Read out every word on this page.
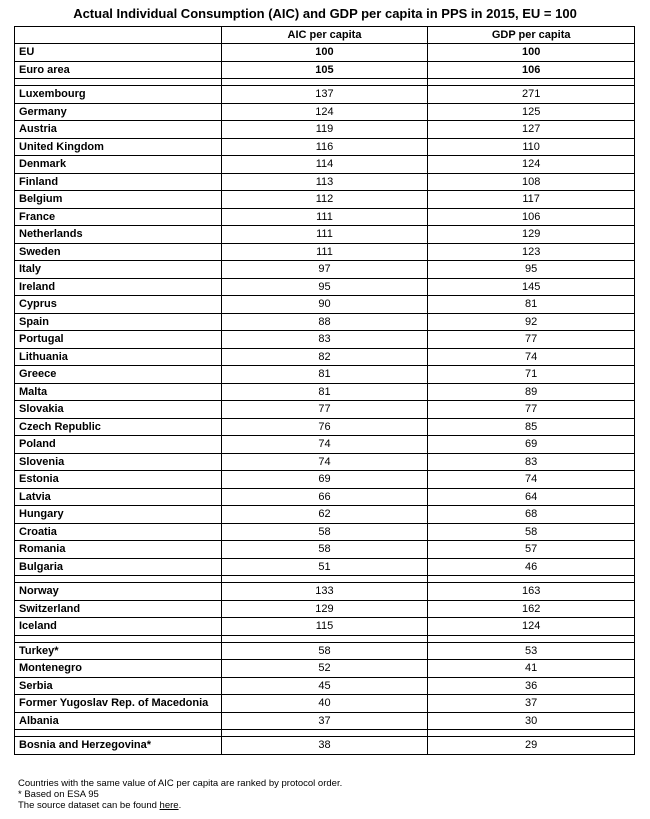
Actual Individual Consumption (AIC) and GDP per capita in PPS in 2015, EU = 100
	AIC per capita	GDP per capita
EU	100	100
Euro area	105	106

Luxembourg	137	271
Germany	124	125
Austria	119	127
United Kingdom	116	110
Denmark	114	124
Finland	113	108
Belgium	112	117
France	111	106
Netherlands	111	129
Sweden	111	123
Italy	97	95
Ireland	95	145
Cyprus	90	81
Spain	88	92
Portugal	83	77
Lithuania	82	74
Greece	81	71
Malta	81	89
Slovakia	77	77
Czech Republic	76	85
Poland	74	69
Slovenia	74	83
Estonia	69	74
Latvia	66	64
Hungary	62	68
Croatia	58	58
Romania	58	57
Bulgaria	51	46

Norway	133	163
Switzerland	129	162
Iceland	115	124

Turkey*	58	53
Montenegro	52	41
Serbia	45	36
Former Yugoslav Rep. of Macedonia	40	37
Albania	37	30

Bosnia and Herzegovina*	38	29
Countries with the same value of AIC per capita are ranked by protocol order.
* Based on ESA 95
The source dataset can be found here.
